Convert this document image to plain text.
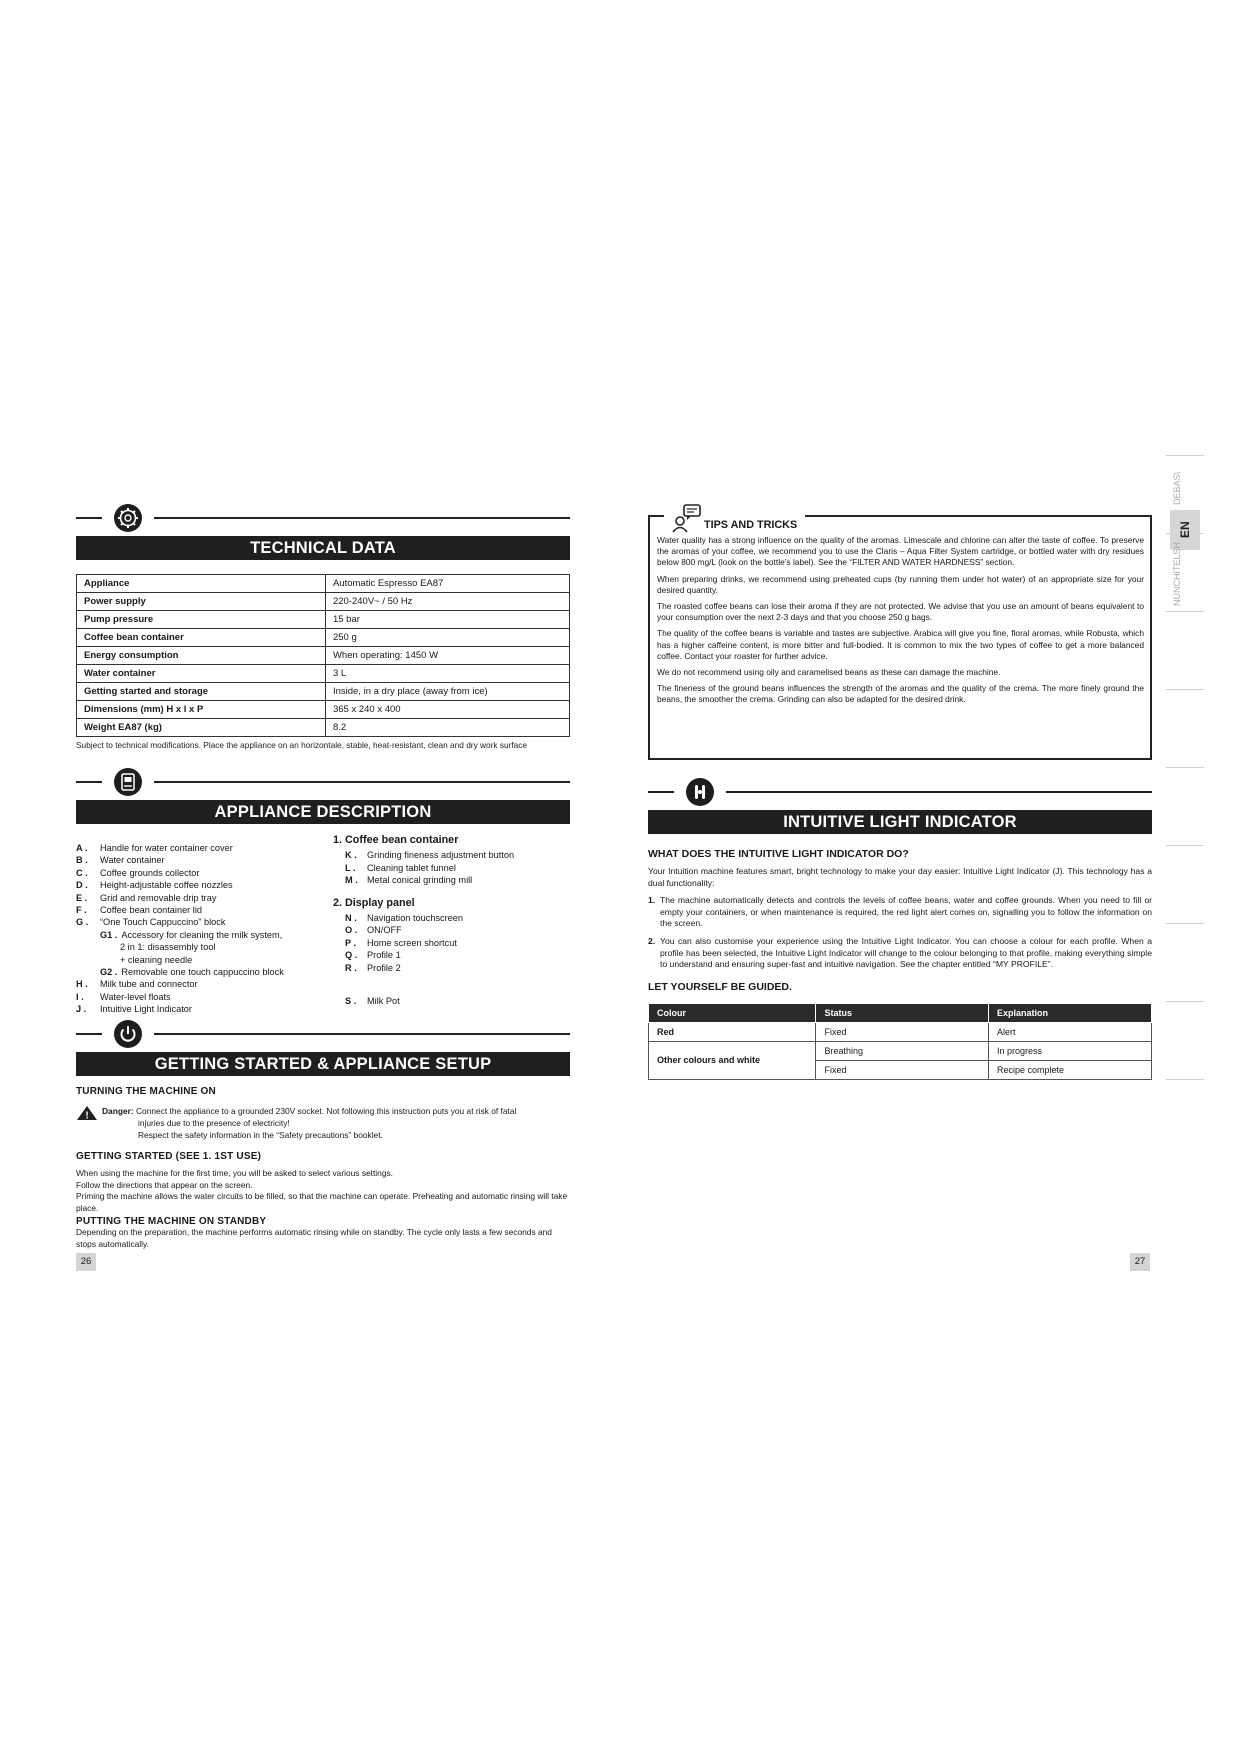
TECHNICAL DATA
Appliance	Automatic Espresso EA87
Power supply	220-240V~ / 50 Hz
Pump pressure	15 bar
Coffee bean container	250 g
Energy consumption	When operating: 1450 W
Water container	3 L
Getting started and storage	Inside, in a dry place (away from ice)
Dimensions (mm) H x l x P	365 x 240 x 400
Weight EA87 (kg)	8.2
Subject to technical modifications. Place the appliance on an horizontale, stable, heat-resistant, clean and dry work surface
APPLIANCE DESCRIPTION
A .	Handle for water container cover
B .	Water container
C .	Coffee grounds collector
D .	Height-adjustable coffee nozzles
E .	Grid and removable drip tray
F .	Coffee bean container lid
G .	“One Touch Cappuccino” block
G1 . Accessory for cleaning the milk system,
2 in 1: disassembly tool
+ cleaning needle
G2 . Removable one touch cappuccino block
H .	Milk tube and connector
I .	Water-level floats
J .	Intuitive Light Indicator
1. Coffee bean container
K .	Grinding fineness adjustment button
L .	Cleaning tablet funnel
M .	Metal conical grinding mill
2. Display panel
N .	Navigation touchscreen
O .	ON/OFF
P .	Home screen shortcut
Q .	Profile 1
R .	Profile 2
S .	Milk Pot
GETTING STARTED & APPLIANCE SETUP
TURNING THE MACHINE ON
! Danger: Connect the appliance to a grounded 230V socket. Not following this instruction puts you at risk of fatal
injuries due to the presence of electricity!
Respect the safety information in the “Safety precautions” booklet.
GETTING STARTED (SEE 1. 1ST USE)
When using the machine for the first time, you will be asked to select various settings.
Follow the directions that appear on the screen.
Priming the machine allows the water circuits to be filled, so that the machine can operate. Preheating and automatic rinsing will take place.
PUTTING THE MACHINE ON STANDBY
Depending on the preparation, the machine performs automatic rinsing while on standby. The cycle only lasts a few seconds and stops automatically.
26
TIPS AND TRICKS

Water quality has a strong influence on the quality of the aromas. Limescale and chlorine can alter the taste of coffee. To preserve the aromas of your coffee, we recommend you to use the Claris – Aqua Filter System cartridge, or bottled water with dry residues below 800 mg/L (look on the bottle’s label). See the “FILTER AND WATER HARDNESS” section.

When preparing drinks, we recommend using preheated cups (by running them under hot water) of an appropriate size for your desired quantity.

The roasted coffee beans can lose their aroma if they are not protected. We advise that you use an amount of beans equivalent to your consumption over the next 2-3 days and that you choose 250 g bags.

The quality of the coffee beans is variable and tastes are subjective. Arabica will give you fine, floral aromas, while Robusta, which has a higher caffeine content, is more bitter and full-bodied. It is common to mix the two types of coffee to get a more balanced coffee. Contact your roaster for further advice.

We do not recommend using oily and caramelised beans as these can damage the machine.

The fineness of the ground beans influences the strength of the aromas and the quality of the crema. The more finely ground the beans, the smoother the crema. Grinding can also be adapted for the desired drink.

INTUITIVE LIGHT INDICATOR
WHAT DOES THE INTUITIVE LIGHT INDICATOR DO?
Your Intuition machine features smart, bright technology to make your day easier: Intuitive Light Indicator (J). This technology has a dual functionality:
1. The machine automatically detects and controls the levels of coffee beans, water and coffee grounds. When you need to fill or empty your containers, or when maintenance is required, the red light alert comes on, signalling you to follow the information on the screen.
2. You can also customise your experience using the Intuitive Light Indicator. You can choose a colour for each profile. When a profile has been selected, the Intuitive Light Indicator will change to the colour belonging to that profile, making everything simple to understand and ensuring super-fast and intuitive navigation. See the chapter entitled “MY PROFILE”.
LET YOURSELF BE GUIDED.
Colour	Status	Explanation
Red	Fixed	Alert
Other colours and white	Breathing	In progress
	Fixed	Recipe complete
27
EN
DEBAS\
NUNCHITELSH
